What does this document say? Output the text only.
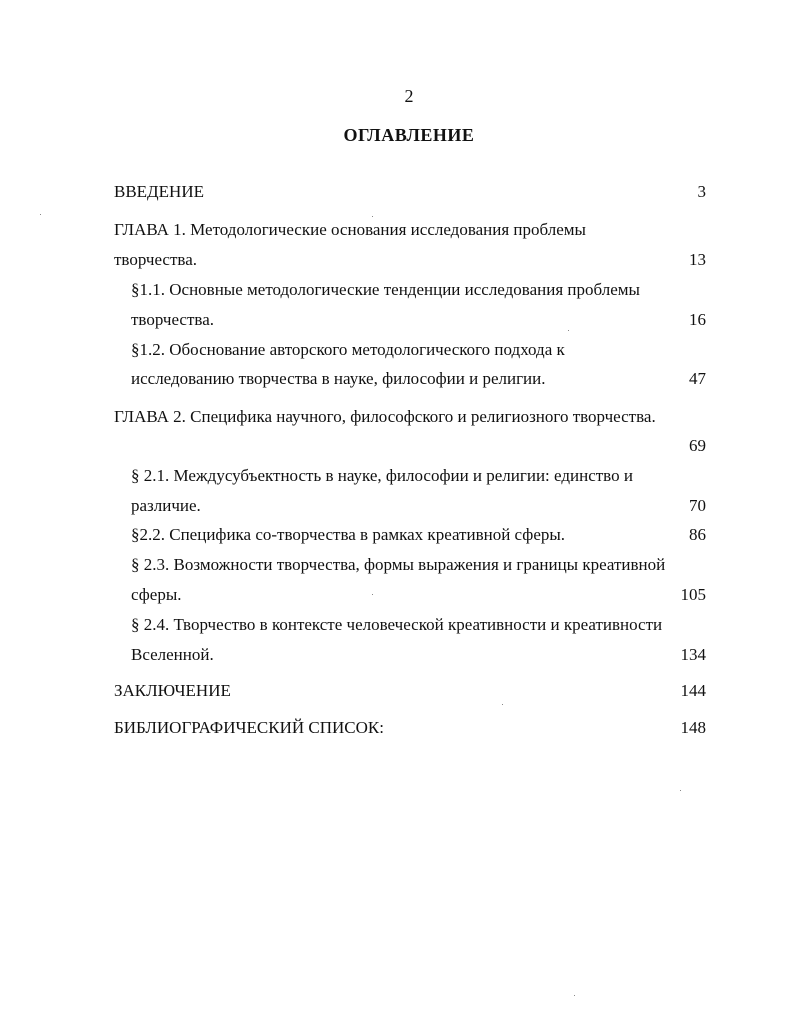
2
ОГЛАВЛЕНИЕ
ВВЕДЕНИЕ	3
ГЛАВА 1. Методологические основания исследования проблемы
творчества.	13
§1.1. Основные методологические тенденции исследования проблемы
творчества.	16
§1.2. Обоснование авторского методологического подхода к
исследованию творчества в науке, философии и религии.	47
ГЛАВА 2. Специфика научного, философского и религиозного творчества.
69
§ 2.1. Междусубъектность в науке, философии и религии: единство и
различие.	70
§2.2. Специфика со-творчества в рамках креативной сферы.	86
§ 2.3. Возможности творчества, формы выражения и границы креативной
сферы.	105
§ 2.4. Творчество в контексте человеческой креативности и креативности
Вселенной.	134
ЗАКЛЮЧЕНИЕ	144
БИБЛИОГРАФИЧЕСКИЙ СПИСОК:	148
